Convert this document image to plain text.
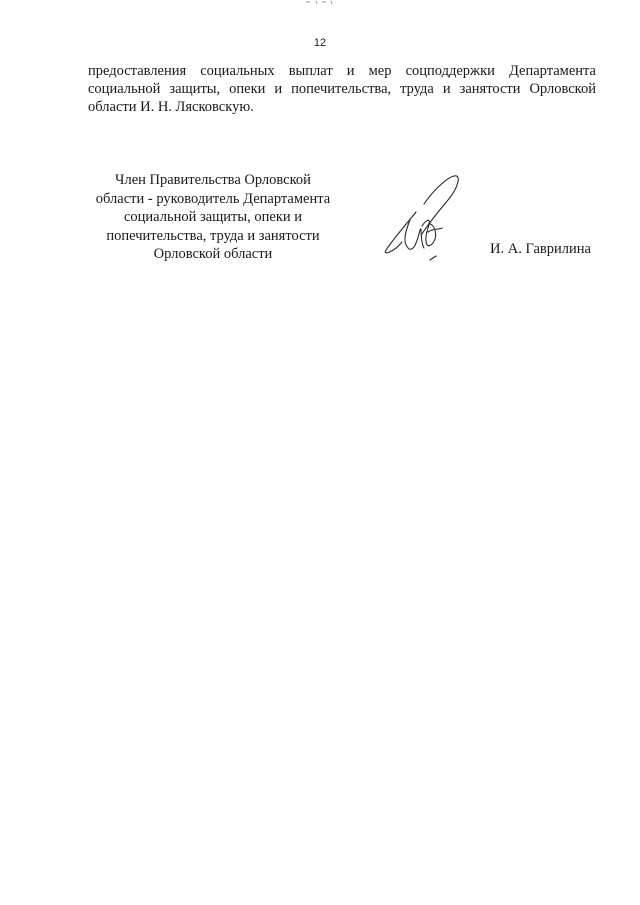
12
предоставления социальных выплат и мер соцподдержки Департамента
социальной защиты, опеки и попечительства, труда и занятости Орловской
области И. Н. Лясковскую.
Член Правительства Орловской
области - руководитель Департамента
социальной защиты, опеки и
попечительства, труда и занятости
Орловской области	И. А. Гаврилина
